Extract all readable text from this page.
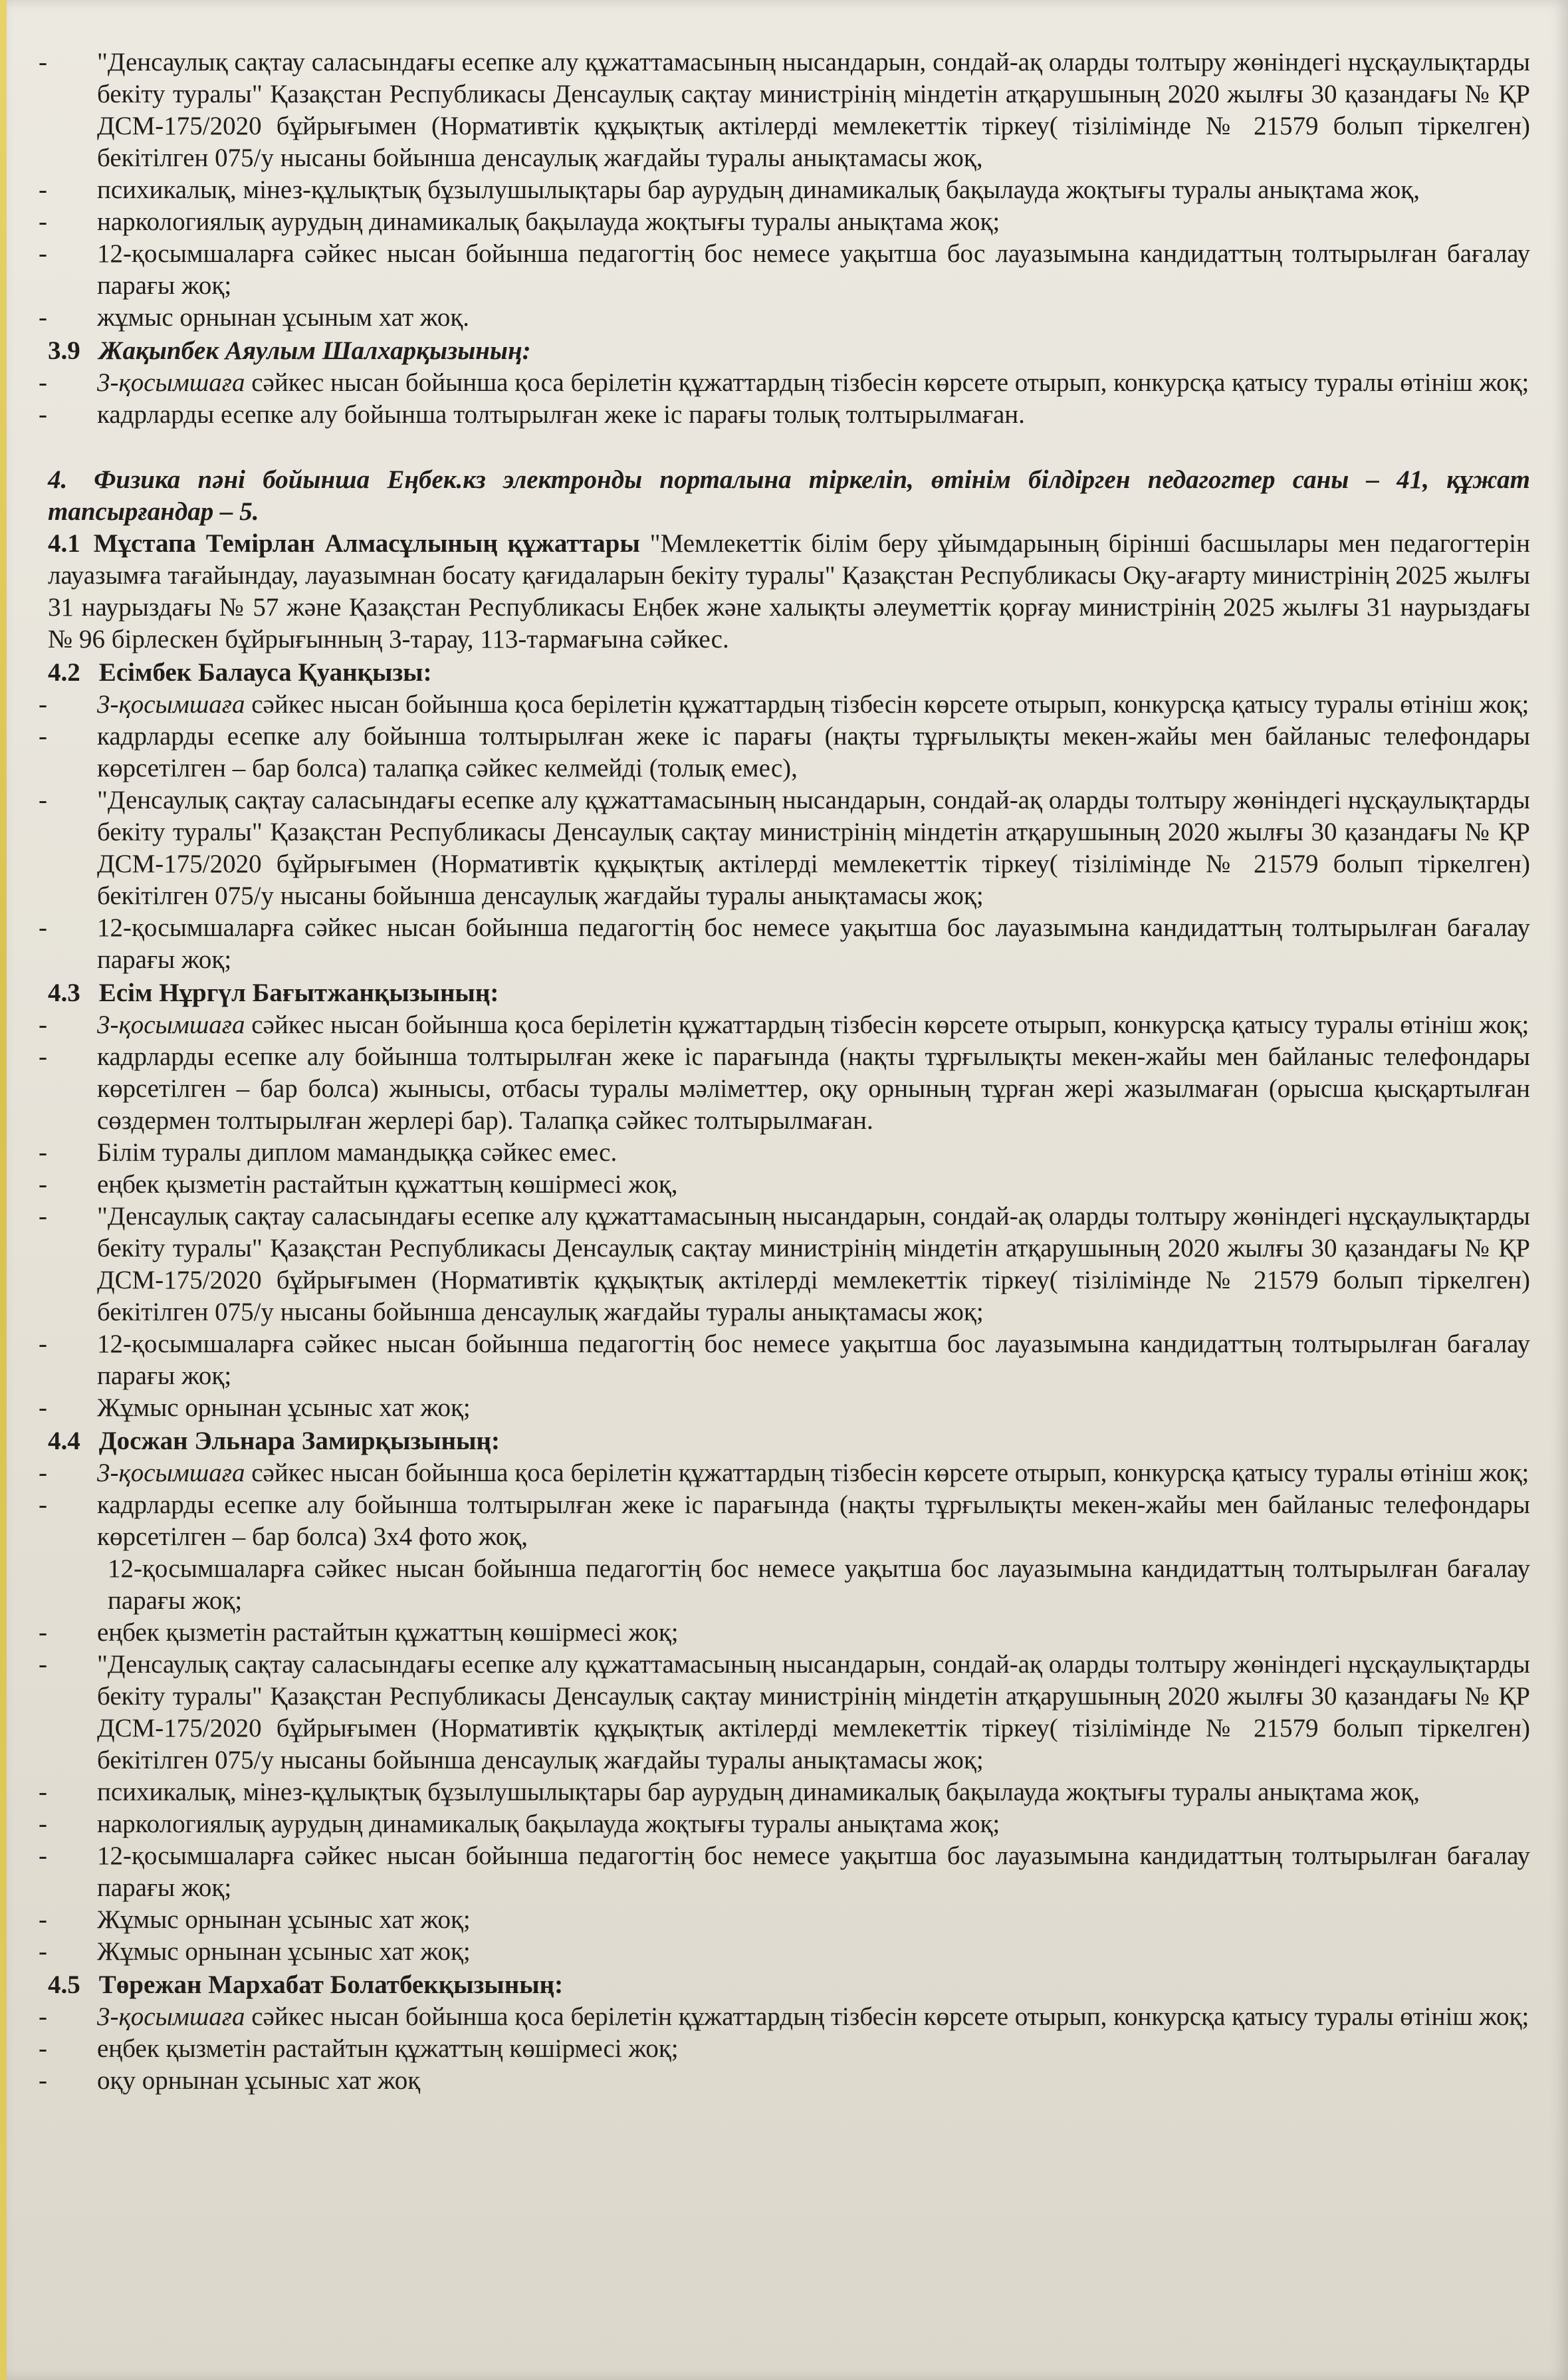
- "Денсаулық сақтау саласындағы есепке алу құжаттамасының нысандарын, сондай-ақ оларды толтыру жөніндегі нұсқаулықтарды бекіту туралы" Қазақстан Республикасы Денсаулық сақтау министрінің міндетін атқарушының 2020 жылғы 30 қазандағы № ҚР ДСМ-175/2020 бұйрығымен (Нормативтік құқықтық актілерді мемлекеттік тіркеу( тізілімінде № 21579 болып тіркелген) бекітілген 075/у нысаны бойынша денсаулық жағдайы туралы анықтамасы жоқ,
- психикалық, мінез-құлықтық бұзылушылықтары бар аурудың динамикалық бақылауда жоқтығы туралы анықтама жоқ,
- наркологиялық аурудың динамикалық бақылауда жоқтығы туралы анықтама жоқ;
- 12-қосымшаларға сәйкес нысан бойынша педагогтің бос немесе уақытша бос лауазымына кандидаттың толтырылған бағалау парағы жоқ;
- жұмыс орнынан ұсыным хат жоқ.
3.9 Жақыпбек Аяулым Шалхарқызының:
- 3-қосымшаға сәйкес нысан бойынша қоса берілетін құжаттардың тізбесін көрсете отырып, конкурсқа қатысу туралы өтініш жоқ;
- кадрларды есепке алу бойынша толтырылған жеке іс парағы толық толтырылмаған.
4. Физика пәні бойынша Еңбек.кз электронды порталына тіркеліп, өтінім білдірген педагогтер саны – 41, құжат тапсырғандар – 5.
4.1 Мұстапа Темірлан Алмасұлының құжаттары "Мемлекеттік білім беру ұйымдарының бірінші басшылары мен педагогтерін лауазымға тағайындау, лауазымнан босату қағидаларын бекіту туралы" Қазақстан Республикасы Оқу-ағарту министрінің 2025 жылғы 31 наурыздағы № 57 және Қазақстан Республикасы Еңбек және халықты әлеуметтік қорғау министрінің 2025 жылғы 31 наурыздағы № 96 бірлескен бұйрығынның 3-тарау, 113-тармағына сәйкес.
4.2 Есімбек Балауса Қуанқызы:
- 3-қосымшаға сәйкес нысан бойынша қоса берілетін құжаттардың тізбесін көрсете отырып, конкурсқа қатысу туралы өтініш жоқ;
- кадрларды есепке алу бойынша толтырылған жеке іс парағы (нақты тұрғылықты мекен-жайы мен байланыс телефондары көрсетілген – бар болса) талапқа сәйкес келмейді (толық емес),
- "Денсаулық сақтау саласындағы есепке алу құжаттамасының нысандарын, сондай-ақ оларды толтыру жөніндегі нұсқаулықтарды бекіту туралы" Қазақстан Республикасы Денсаулық сақтау министрінің міндетін атқарушының 2020 жылғы 30 қазандағы № ҚР ДСМ-175/2020 бұйрығымен (Нормативтік құқықтық актілерді мемлекеттік тіркеу( тізілімінде № 21579 болып тіркелген) бекітілген 075/у нысаны бойынша денсаулық жағдайы туралы анықтамасы жоқ;
- 12-қосымшаларға сәйкес нысан бойынша педагогтің бос немесе уақытша бос лауазымына кандидаттың толтырылған бағалау парағы жоқ;
4.3 Есім Нұргүл Бағытжанқызының:
- 3-қосымшаға сәйкес нысан бойынша қоса берілетін құжаттардың тізбесін көрсете отырып, конкурсқа қатысу туралы өтініш жоқ;
- кадрларды есепке алу бойынша толтырылған жеке іс парағында (нақты тұрғылықты мекен-жайы мен байланыс телефондары көрсетілген – бар болса) жынысы, отбасы туралы мәліметтер, оқу орнының тұрған жері жазылмаған (орысша қысқартылған сөздермен толтырылған жерлері бар). Талапқа сәйкес толтырылмаған.
- Білім туралы диплом мамандыққа сәйкес емес.
- еңбек қызметін растайтын құжаттың көшірмесі жоқ,
- "Денсаулық сақтау саласындағы есепке алу құжаттамасының нысандарын, сондай-ақ оларды толтыру жөніндегі нұсқаулықтарды бекіту туралы" Қазақстан Республикасы Денсаулық сақтау министрінің міндетін атқарушының 2020 жылғы 30 қазандағы № ҚР ДСМ-175/2020 бұйрығымен (Нормативтік құқықтық актілерді мемлекеттік тіркеу( тізілімінде № 21579 болып тіркелген) бекітілген 075/у нысаны бойынша денсаулық жағдайы туралы анықтамасы жоқ;
- 12-қосымшаларға сәйкес нысан бойынша педагогтің бос немесе уақытша бос лауазымына кандидаттың толтырылған бағалау парағы жоқ;
- Жұмыс орнынан ұсыныс хат жоқ;
4.4 Досжан Эльнара Замирқызының:
- 3-қосымшаға сәйкес нысан бойынша қоса берілетін құжаттардың тізбесін көрсете отырып, конкурсқа қатысу туралы өтініш жоқ;
- кадрларды есепке алу бойынша толтырылған жеке іс парағында (нақты тұрғылықты мекен-жайы мен байланыс телефондары көрсетілген – бар болса) 3х4 фото жоқ,
12-қосымшаларға сәйкес нысан бойынша педагогтің бос немесе уақытша бос лауазымына кандидаттың толтырылған бағалау парағы жоқ;
- еңбек қызметін растайтын құжаттың көшірмесі жоқ;
- "Денсаулық сақтау саласындағы есепке алу құжаттамасының нысандарын, сондай-ақ оларды толтыру жөніндегі нұсқаулықтарды бекіту туралы" Қазақстан Республикасы Денсаулық сақтау министрінің міндетін атқарушының 2020 жылғы 30 қазандағы № ҚР ДСМ-175/2020 бұйрығымен (Нормативтік құқықтық актілерді мемлекеттік тіркеу( тізілімінде № 21579 болып тіркелген) бекітілген 075/у нысаны бойынша денсаулық жағдайы туралы анықтамасы жоқ;
- психикалық, мінез-құлықтық бұзылушылықтары бар аурудың динамикалық бақылауда жоқтығы туралы анықтама жоқ,
- наркологиялық аурудың динамикалық бақылауда жоқтығы туралы анықтама жоқ;
- 12-қосымшаларға сәйкес нысан бойынша педагогтің бос немесе уақытша бос лауазымына кандидаттың толтырылған бағалау парағы жоқ;
- Жұмыс орнынан ұсыныс хат жоқ;
- Жұмыс орнынан ұсыныс хат жоқ;
4.5 Төрежан Мархабат Болатбекқызының:
- 3-қосымшаға сәйкес нысан бойынша қоса берілетін құжаттардың тізбесін көрсете отырып, конкурсқа қатысу туралы өтініш жоқ;
- еңбек қызметін растайтын құжаттың көшірмесі жоқ;
- оқу орнынан ұсыныс хат жоқ
